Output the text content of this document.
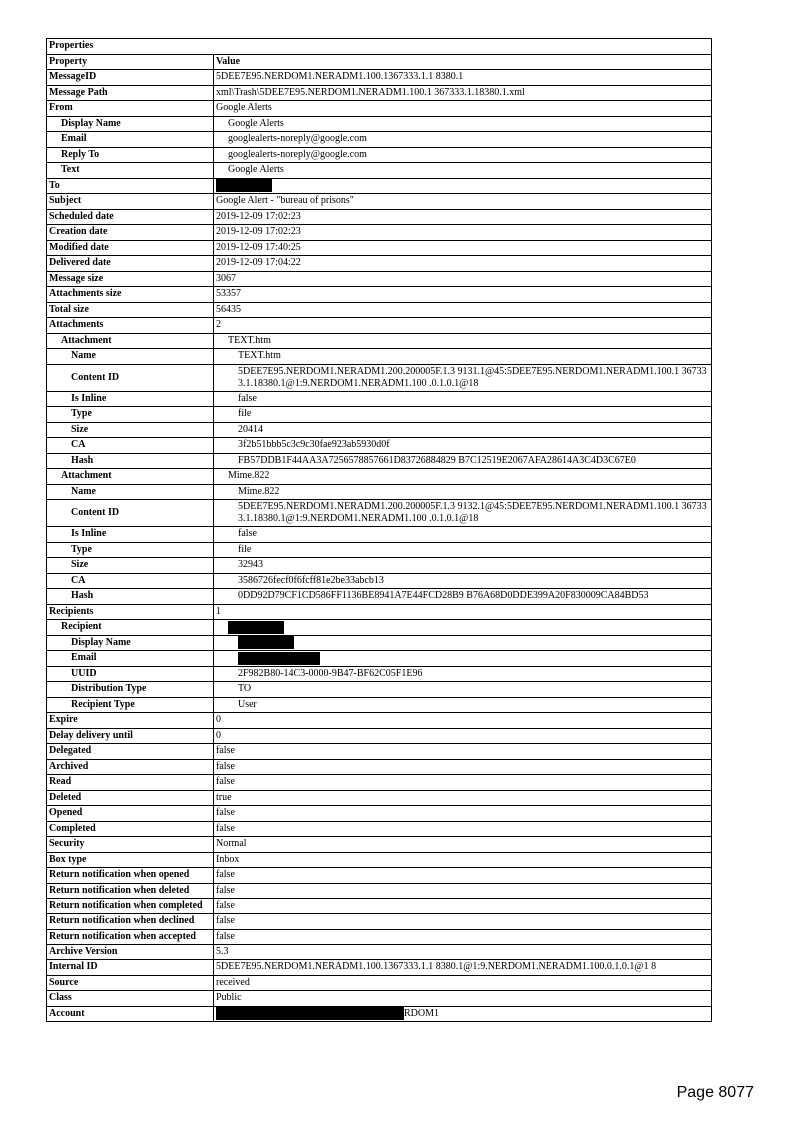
Properties	
Property	Value
MessageID	5DEE7E95.NERDOM1.NERADM1.100.1367333.1.1 8380.1
Message Path	xml\Trash\5DEE7E95.NERDOM1.NERADM1.100.1 367333.1.18380.1.xml
From	Google Alerts
Display Name	Google Alerts
Email	googlealerts-noreply@google.com
Reply To	googlealerts-noreply@google.com
Text	Google Alerts
To	
Subject	Google Alert - "bureau of prisons"
Scheduled date	2019-12-09 17:02:23
Creation date	2019-12-09 17:02:23
Modified date	2019-12-09 17:40:25
Delivered date	2019-12-09 17:04:22
Message size	3067
Attachments size	53357
Total size	56435
Attachments	2
Attachment	TEXT.htm
Name	TEXT.htm
Content ID	5DEE7E95.NERDOM1.NERADM1.200.200005F.1.3 9131.1@45:5DEE7E95.NERDOM1.NERADM1.100.1 367333.1.18380.1@1:9.NERDOM1.NERADM1.100 .0.1.0.1@18
Is Inline	false
Type	file
Size	20414
CA	3f2b51bbb5c3c9c30fae923ab5930d0f
Hash	FB57DDB1F44AA3A7256578857661D83726884829 B7C12519E2067AFA28614A3C4D3C67E0
Attachment	Mime.822
Name	Mime.822
Content ID	5DEE7E95.NERDOM1.NERADM1.200.200005F.1.3 9132.1@45:5DEE7E95.NERDOM1.NERADM1.100.1 367333.1.18380.1@1:9.NERDOM1.NERADM1.100 .0.1.0.1@18
Is Inline	false
Type	file
Size	32943
CA	3586726fecf0f6fcff81e2be33abcb13
Hash	0DD92D79CF1CD586FF1136BE8941A7E44FCD28B9 B76A68D0DDE399A20F830009CA84BD53
Recipients	1
Recipient	
Display Name	
Email	
UUID	2F982B80-14C3-0000-9B47-BF62C05F1E96
Distribution Type	TO
Recipient Type	User
Expire	0
Delay delivery until	0
Delegated	false
Archived	false
Read	false
Deleted	true
Opened	false
Completed	false
Security	Normal
Box type	Inbox
Return notification when opened	false
Return notification when deleted	false
Return notification when completed	false
Return notification when declined	false
Return notification when accepted	false
Archive Version	5.3
Internal ID	5DEE7E95.NERDOM1.NERADM1.100.1367333.1.1 8380.1@1:9.NERDOM1.NERADM1.100.0.1.0.1@1 8
Source	received
Class	Public
Account	RDOM1
Page 8077
